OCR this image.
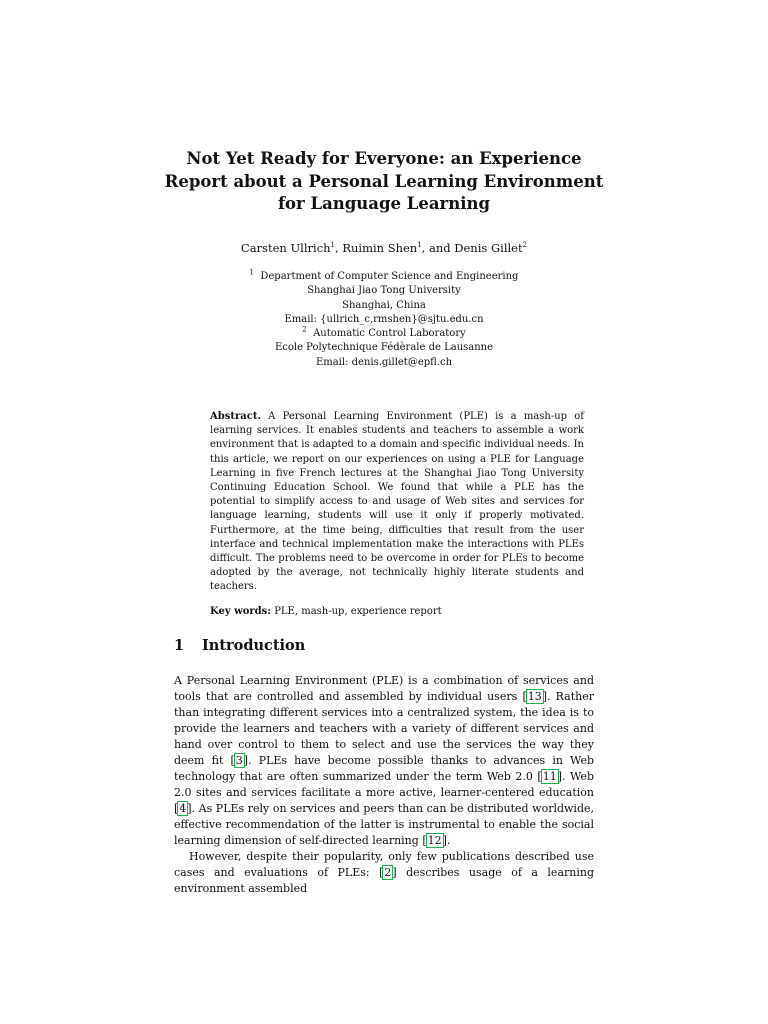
Not Yet Ready for Everyone: an Experience
Report about a Personal Learning Environment
for Language Learning

Carsten Ullrich$^1$, Ruimin Shen$^1$, and Denis Gillet$^2$

$^1$ Department of Computer Science and Engineering
Shanghai Jiao Tong University
Shanghai, China
Email: {ullrich_c,rmshen}@sjtu.edu.cn
$^2$ Automatic Control Laboratory
Ecole Polytechnique Fédèrale de Lausanne
Email: denis.gillet@epfl.ch

Abstract. A Personal Learning Environment (PLE) is a mash-up of learning services. It enables students and teachers to assemble a work environment that is adapted to a domain and specific individual needs. In this article, we report on our experiences on using a PLE for Language Learning in five French lectures at the Shanghai Jiao Tong University Continuing Education School. We found that while a PLE has the potential to simplify access to and usage of Web sites and services for language learning, students will use it only if properly motivated. Furthermore, at the time being, difficulties that result from the user interface and technical implementation make the interactions with PLEs difficult. The problems need to be overcome in order for PLEs to become adopted by the average, not technically highly literate students and teachers.

Key words: PLE, mash-up, experience report

1 Introduction

A Personal Learning Environment (PLE) is a combination of services and tools that are controlled and assembled by individual users [13]. Rather than integrating different services into a centralized system, the idea is to provide the learners and teachers with a variety of different services and hand over control to them to select and use the services the way they deem fit [3]. PLEs have become possible thanks to advances in Web technology that are often summarized under the term Web 2.0 [11]. Web 2.0 sites and services facilitate a more active, learner-centered education [4]. As PLEs rely on services and peers than can be distributed worldwide, effective recommendation of the latter is instrumental to enable the social learning dimension of self-directed learning [12].

However, despite their popularity, only few publications described use cases and evaluations of PLEs: [2] describes usage of a learning environment assembled
